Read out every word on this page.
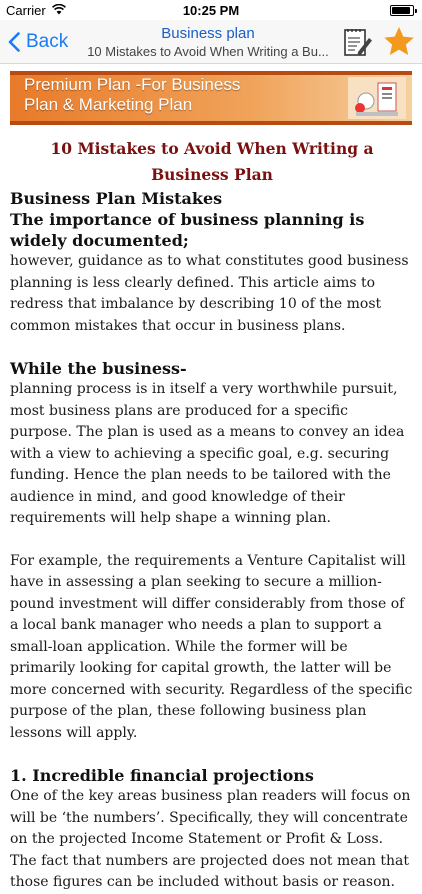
Carrier	10:25 PM
Back	Business plan
10 Mistakes to Avoid When Writing a Bu...
Premium Plan -For Business
Plan & Marketing Plan

10 Mistakes to Avoid When Writing a Business Plan

Business Plan Mistakes

The importance of business planning is widely documented;

however, guidance as to what constitutes good business planning is less clearly defined. This article aims to redress that imbalance by describing 10 of the most common mistakes that occur in business plans.

While the business-

planning process is in itself a very worthwhile pursuit, most business plans are produced for a specific purpose. The plan is used as a means to convey an idea with a view to achieving a specific goal, e.g. securing funding. Hence the plan needs to be tailored with the audience in mind, and good knowledge of their requirements will help shape a winning plan.

For example, the requirements a Venture Capitalist will have in assessing a plan seeking to secure a million-pound investment will differ considerably from those of a local bank manager who needs a plan to support a small-loan application. While the former will be primarily looking for capital growth, the latter will be more concerned with security. Regardless of the specific purpose of the plan, these following business plan lessons will apply.

1. Incredible financial projections

One of the key areas business plan readers will focus on will be ‘the numbers’. Specifically, they will concentrate on the projected Income Statement or Profit & Loss. The fact that numbers are projected does not mean that those figures can be included without basis or reason.
